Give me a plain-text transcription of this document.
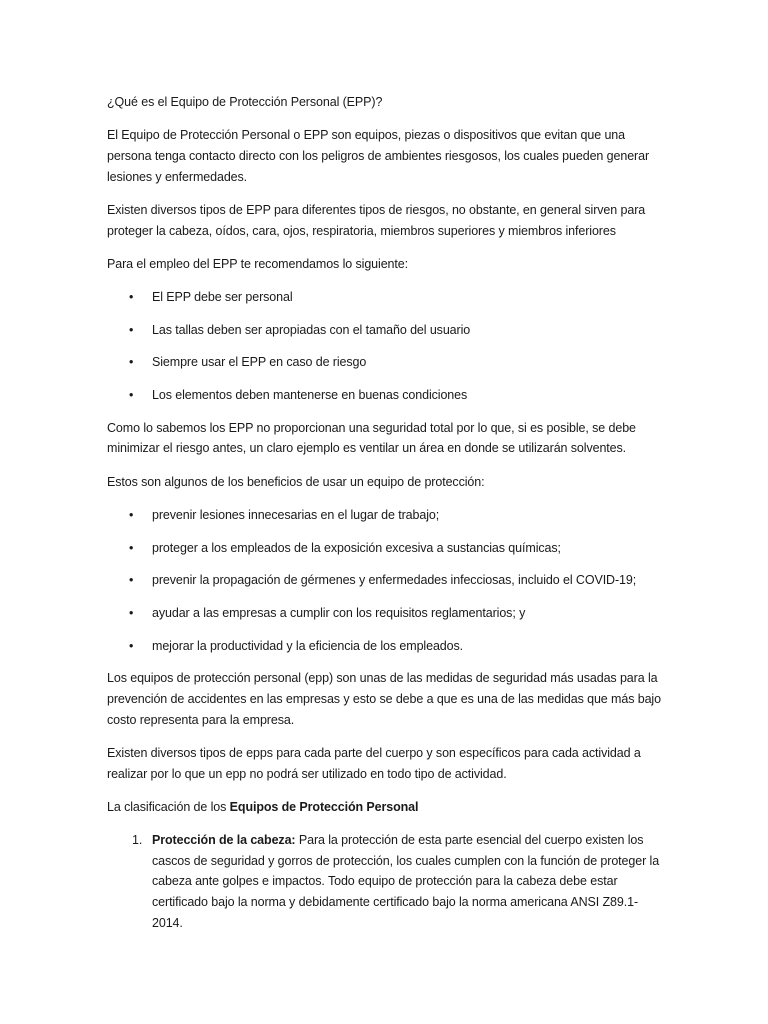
¿Qué es el Equipo de Protección Personal (EPP)?

El Equipo de Protección Personal o EPP son equipos, piezas o dispositivos que evitan que una persona tenga contacto directo con los peligros de ambientes riesgosos, los cuales pueden generar lesiones y enfermedades.

Existen diversos tipos de EPP para diferentes tipos de riesgos, no obstante, en general sirven para proteger la cabeza, oídos, cara, ojos, respiratoria, miembros superiores y miembros inferiores

Para el empleo del EPP te recomendamos lo siguiente:

• El EPP debe ser personal
• Las tallas deben ser apropiadas con el tamaño del usuario
• Siempre usar el EPP en caso de riesgo
• Los elementos deben mantenerse en buenas condiciones

Como lo sabemos los EPP no proporcionan una seguridad total por lo que, si es posible, se debe minimizar el riesgo antes, un claro ejemplo es ventilar un área en donde se utilizarán solventes.

Estos son algunos de los beneficios de usar un equipo de protección:

• prevenir lesiones innecesarias en el lugar de trabajo;
• proteger a los empleados de la exposición excesiva a sustancias químicas;
• prevenir la propagación de gérmenes y enfermedades infecciosas, incluido el COVID-19;
• ayudar a las empresas a cumplir con los requisitos reglamentarios; y
• mejorar la productividad y la eficiencia de los empleados.

Los equipos de protección personal (epp) son unas de las medidas de seguridad más usadas para la prevención de accidentes en las empresas y esto se debe a que es una de las medidas que más bajo costo representa para la empresa.

Existen diversos tipos de epps para cada parte del cuerpo y son específicos para cada actividad a realizar por lo que un epp no podrá ser utilizado en todo tipo de actividad.

La clasificación de los Equipos de Protección Personal

1. Protección de la cabeza: Para la protección de esta parte esencial del cuerpo existen los cascos de seguridad y gorros de protección, los cuales cumplen con la función de proteger la cabeza ante golpes e impactos. Todo equipo de protección para la cabeza debe estar certificado bajo la norma y debidamente certificado bajo la norma americana ANSI Z89.1-2014.
